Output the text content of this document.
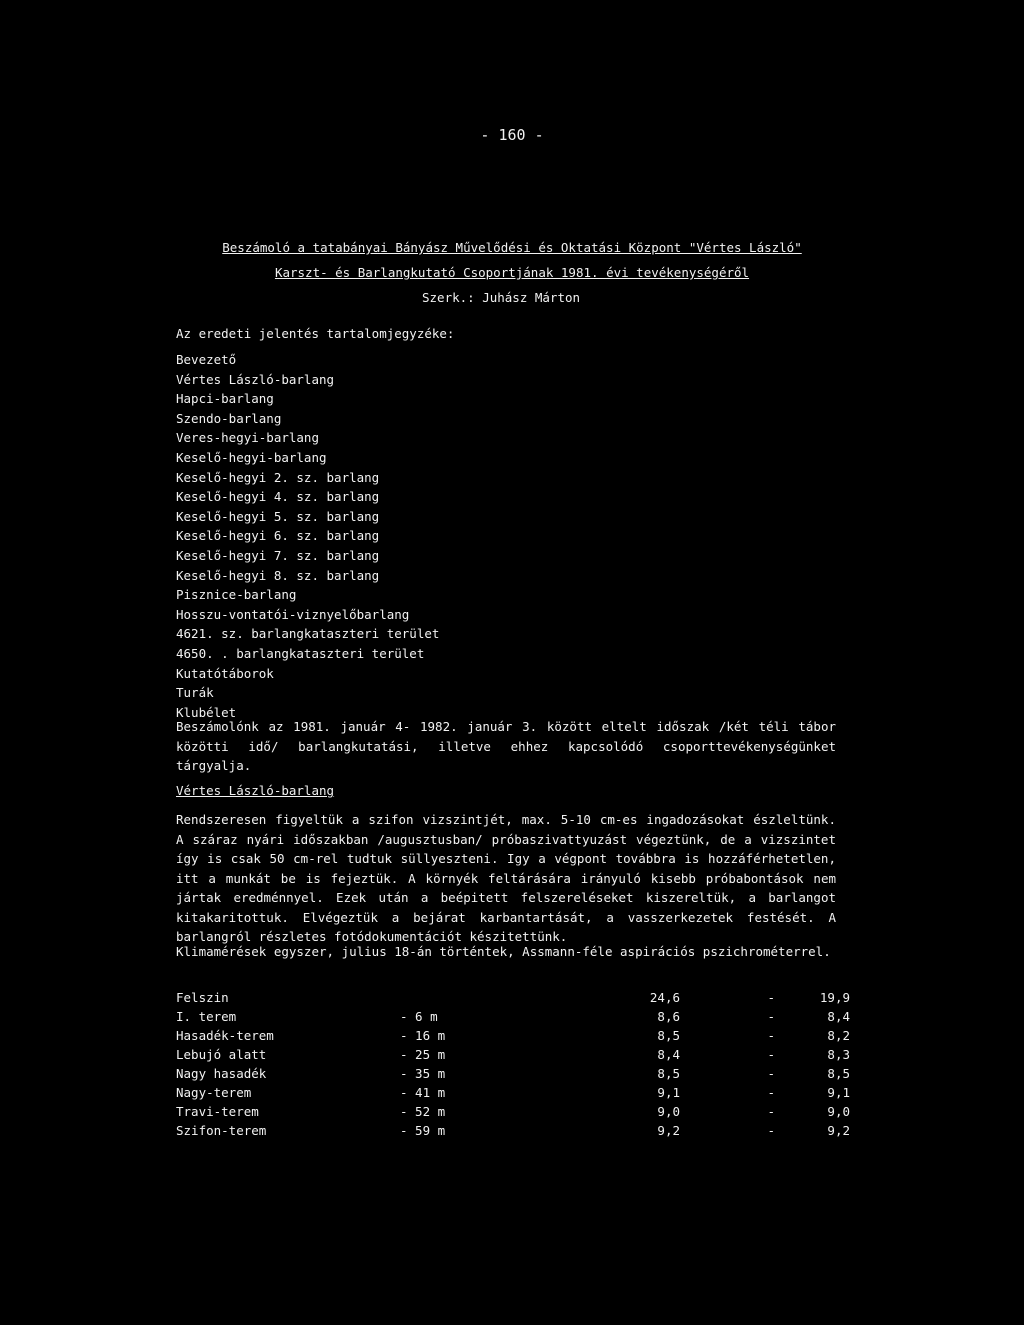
- 160 -
Beszámoló a tatabányai Bányász Művelődési és Oktatási Központ "Vértes László"
Karszt- és Barlangkutató Csoportjának 1981. évi tevékenységéről
Szerk.: Juhász Márton
Az eredeti jelentés tartalomjegyzéke:
Bevezető
Vértes László-barlang
Hapci-barlang
Szendo-barlang
Veres-hegyi-barlang
Keselő-hegyi-barlang
Keselő-hegyi 2. sz. barlang
Keselő-hegyi 4. sz. barlang
Keselő-hegyi 5. sz. barlang
Keselő-hegyi 6. sz. barlang
Keselő-hegyi 7. sz. barlang
Keselő-hegyi 8. sz. barlang
Pisznice-barlang
Hosszu-vontatói-viznyelőbarlang
4621. sz. barlangkataszteri terület
4650. . barlangkataszteri terület
Kutatótáborok
Turák
Klubélet

Beszámolónk az 1981. január 4- 1982. január 3. között eltelt időszak /két téli tábor közötti idő/ barlangkutatási, illetve ehhez kapcsolódó csoporttevékenységünket tárgyalja.

Vértes László-barlang

Rendszeresen figyeltük a szifon vizszintjét, max. 5-10 cm-es ingadozásokat észleltünk. A száraz nyári időszakban /augusztusban/ próbaszivattyuzást végeztünk, de a vizszintet így is csak 50 cm-rel tudtuk süllyeszteni. Igy a végpont továbbra is hozzáférhetetlen, itt a munkát be is fejeztük. A környék feltárására irányuló kisebb próbabontások nem jártak eredménnyel. Ezek után a beépitett felszereléseket kiszereltük, a barlangot kitakaritottuk. Elvégeztük a bejárat karbantartását, a vasszerkezetek festését. A barlangról részletes fotódokumentációt készitettünk.

Klimamérések egyszer, julius 18-án történtek, Assmann-féle aspirációs pszichrométerrel.

Felszin		24,6	-	19,9
I. terem	- 6 m	8,6	-	8,4
Hasadék-terem	- 16 m	8,5	-	8,2
Lebujó alatt	- 25 m	8,4	-	8,3
Nagy hasadék	- 35 m	8,5	-	8,5
Nagy-terem	- 41 m	9,1	-	9,1
Travi-terem	- 52 m	9,0	-	9,0
Szifon-terem	- 59 m	9,2	-	9,2
